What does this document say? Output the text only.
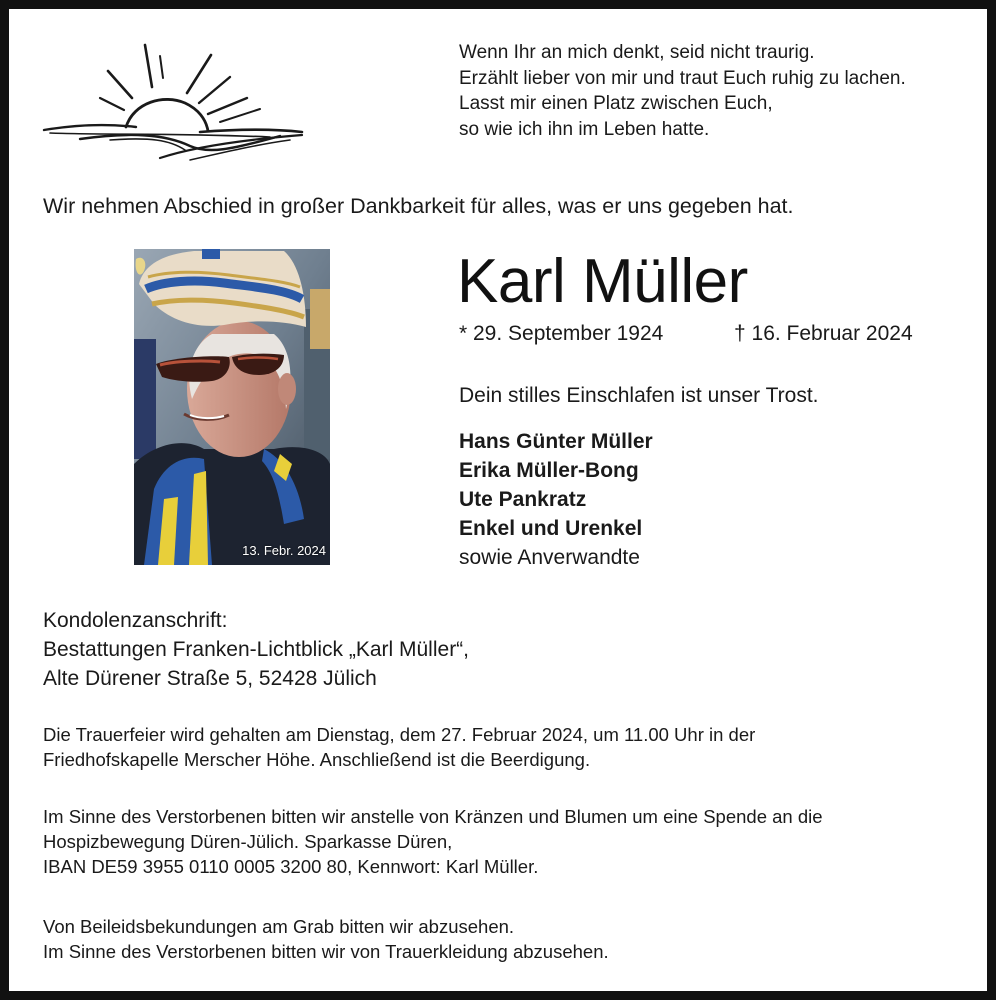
Wenn Ihr an mich denkt, seid nicht traurig.
Erzählt lieber von mir und traut Euch ruhig zu lachen.
Lasst mir einen Platz zwischen Euch,
so wie ich ihn im Leben hatte.
Wir nehmen Abschied in großer Dankbarkeit für alles, was er uns gegeben hat.
13. Febr. 2024
Karl Müller
* 29. September 1924	† 16. Februar 2024
Dein stilles Einschlafen ist unser Trost.
Hans Günter Müller
Erika Müller-Bong
Ute Pankratz
Enkel und Urenkel
sowie Anverwandte
Kondolenzanschrift:
Bestattungen Franken-Lichtblick „Karl Müller“,
Alte Dürener Straße 5, 52428 Jülich
Die Trauerfeier wird gehalten am Dienstag, dem 27. Februar 2024, um 11.00 Uhr in der
Friedhofskapelle Merscher Höhe. Anschließend ist die Beerdigung.
Im Sinne des Verstorbenen bitten wir anstelle von Kränzen und Blumen um eine Spende an die
Hospizbewegung Düren-Jülich. Sparkasse Düren,
IBAN DE59 3955 0110 0005 3200 80, Kennwort: Karl Müller.
Von Beileidsbekundungen am Grab bitten wir abzusehen.
Im Sinne des Verstorbenen bitten wir von Trauerkleidung abzusehen.
